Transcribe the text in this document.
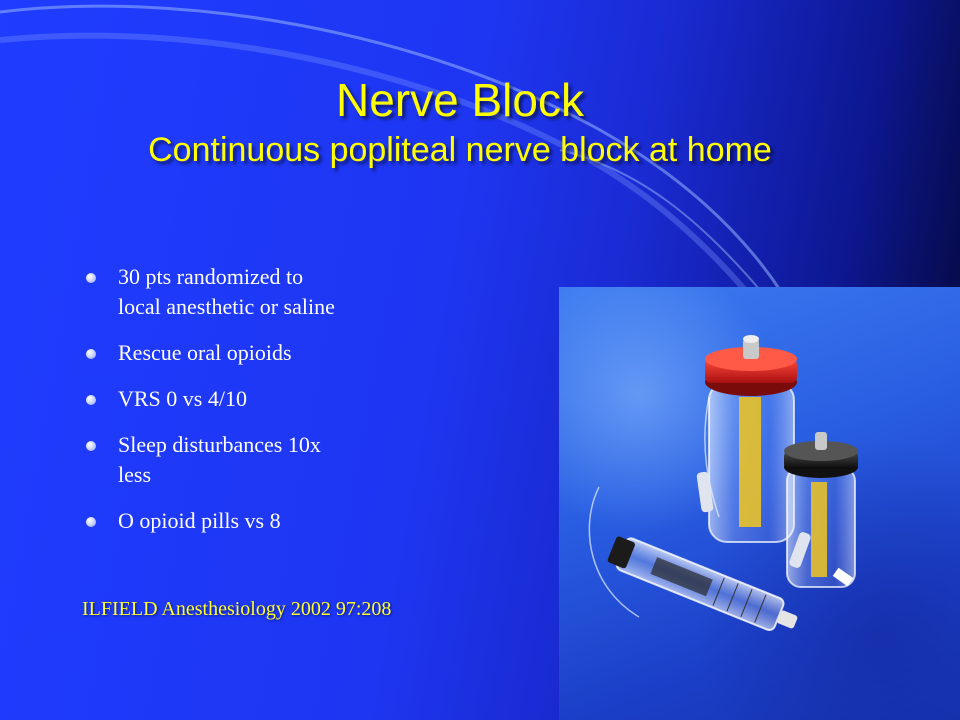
Nerve Block
Continuous popliteal nerve block at home
30 pts randomized to
local anesthetic or saline
Rescue oral opioids
VRS 0 vs 4/10
Sleep disturbances 10x
less
O opioid pills vs 8
ILFIELD Anesthesiology 2002 97:208
